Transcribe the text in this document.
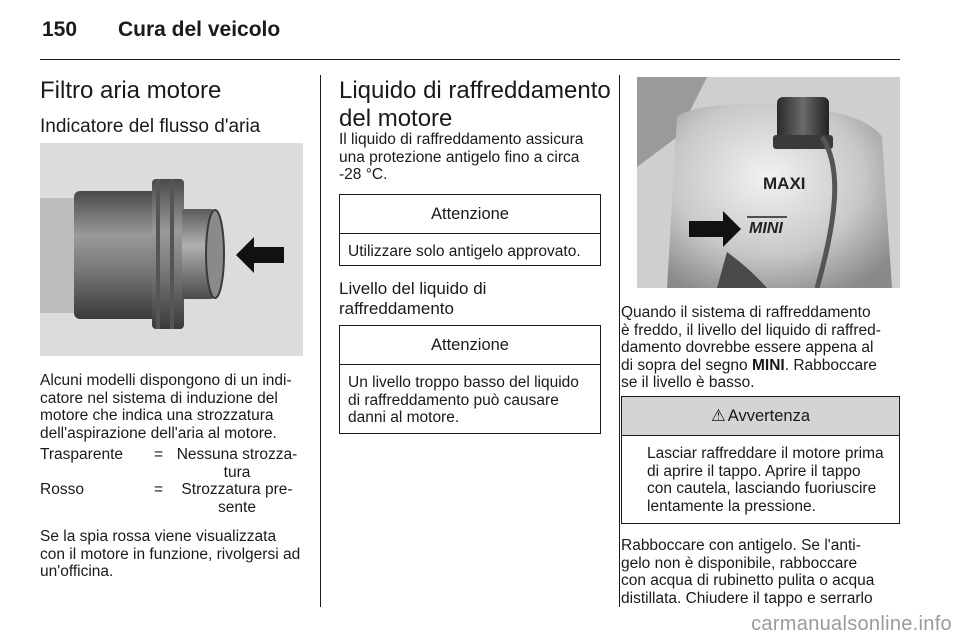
150 Cura del veicolo
Filtro aria motore
Indicatore del flusso d'aria
Alcuni modelli dispongono di un indi-
catore nel sistema di induzione del
motore che indica una strozzatura
dell'aspirazione dell'aria al motore.
Trasparente	= Nessuna strozza-
tura
Rosso	=	Strozzatura pre-
sente
Se la spia rossa viene visualizzata
con il motore in funzione, rivolgersi ad
un'officina.
Liquido di raffreddamento
del motore
Il liquido di raffreddamento assicura
una protezione antigelo fino a circa
-28 °C.
Attenzione
Utilizzare solo antigelo approvato.
Livello del liquido di
raffreddamento
Attenzione
Un livello troppo basso del liquido
di raffreddamento può causare
danni al motore.
MAXI
MINI
Quando il sistema di raffreddamento
è freddo, il livello del liquido di raffred-
damento dovrebbe essere appena al
di sopra del segno MINI. Rabboccare
se il livello è basso.
⚠ Avvertenza
Lasciar raffreddare il motore prima
di aprire il tappo. Aprire il tappo
con cautela, lasciando fuoriuscire
lentamente la pressione.
Rabboccare con antigelo. Se l'anti-
gelo non è disponibile, rabboccare
con acqua di rubinetto pulita o acqua
distillata. Chiudere il tappo e serrarlo
carmanualsonline.info
